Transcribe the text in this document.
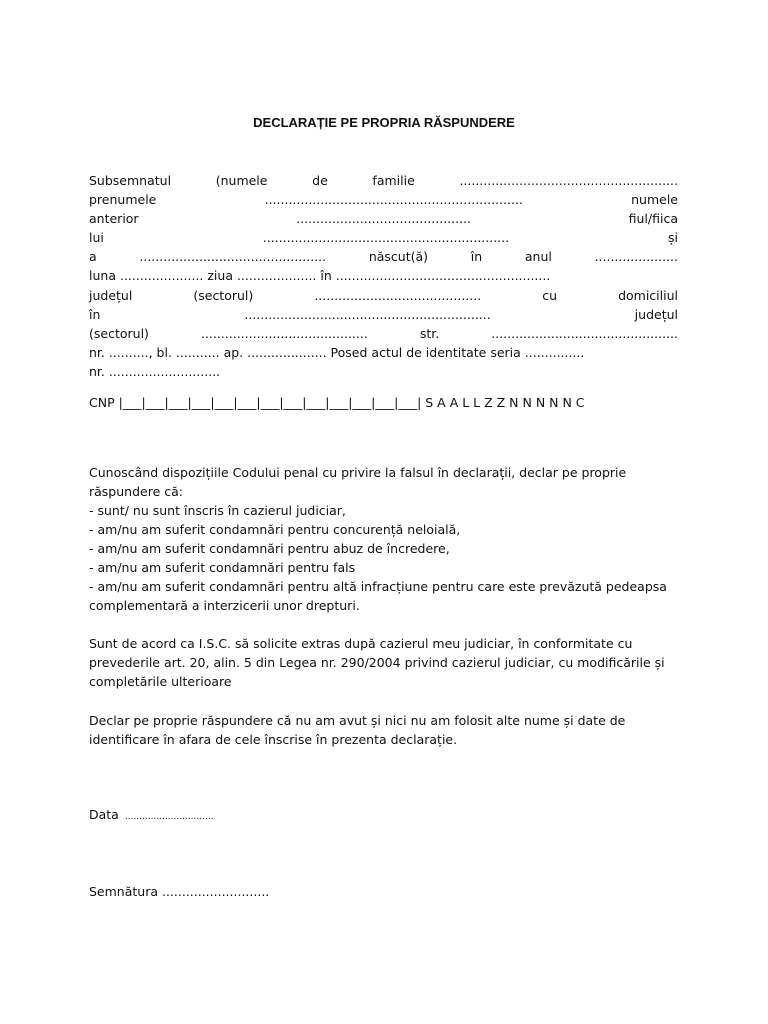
DECLARAȚIE PE PROPRIA RĂSPUNDERE
Subsemnatul	(numele	de	familie	.......................................................
prenumele	.................................................................	numele
anterior	............................................	fiul/fiica
lui	..............................................................	și
a	...............................................	născut(ă)	în	anul	.....................
luna ..................... ziua .................... în ......................................................
județul	(sectorul)	..........................................	cu	domiciliul
în	..............................................................	județul
(sectorul)	..........................................	str.	...............................................
nr. .........., bl. ........... ap. .................... Posed actul de identitate seria ...............
nr. ............................
CNP |___|___|___|___|___|___|___|___|___|___|___|___|___| S A A L L Z Z N N N N N C
Cunoscând dispozițiile Codului penal cu privire la falsul în declarații, declar pe proprie
răspundere că:
- sunt/ nu sunt înscris în cazierul judiciar,
- am/nu am suferit condamnări pentru concurență neloială,
- am/nu am suferit condamnări pentru abuz de încredere,
- am/nu am suferit condamnări pentru fals
- am/nu am suferit condamnări pentru altă infracțiune pentru care este prevăzută pedeapsa
complementară a interzicerii unor drepturi.
Sunt de acord ca I.S.C. să solicite extras după cazierul meu judiciar, în conformitate cu
prevederile art. 20, alin. 5 din Legea nr. 290/2004 privind cazierul judiciar, cu modificările și
completările ulterioare
Declar pe proprie răspundere că nu am avut și nici nu am folosit alte nume și date de
identificare în afara de cele înscrise în prezenta declarație.
Data ...............................
Semnătura ...........................
